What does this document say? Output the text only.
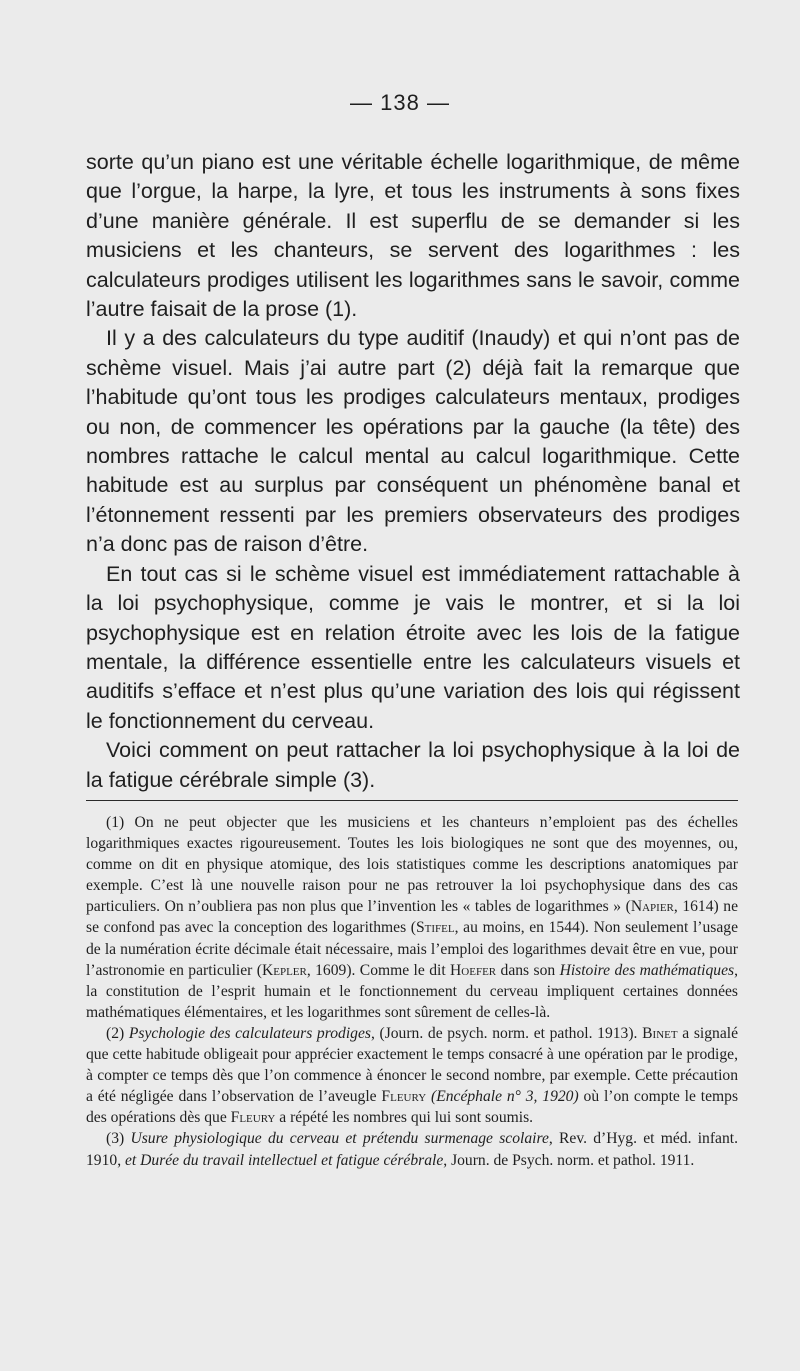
— 138 —

sorte qu’un piano est une véritable échelle logarithmique, de même que l’orgue, la harpe, la lyre, et tous les instruments à sons fixes d’une manière générale. Il est superflu de se demander si les musiciens et les chanteurs, se servent des logarithmes : les calculateurs prodiges utilisent les logarithmes sans le savoir, comme l’autre faisait de la prose (1).

Il y a des calculateurs du type auditif (Inaudy) et qui n’ont pas de schème visuel. Mais j’ai autre part (2) déjà fait la remarque que l’habitude qu’ont tous les prodiges calculateurs mentaux, prodiges ou non, de commencer les opérations par la gauche (la tête) des nombres rattache le calcul mental au calcul logarithmique. Cette habitude est au surplus par conséquent un phénomène banal et l’étonnement ressenti par les premiers observateurs des prodiges n’a donc pas de raison d’être.

En tout cas si le schème visuel est immédiatement rattachable à la loi psychophysique, comme je vais le montrer, et si la loi psychophysique est en relation étroite avec les lois de la fatigue mentale, la différence essentielle entre les calculateurs visuels et auditifs s’efface et n’est plus qu’une variation des lois qui régissent le fonctionnement du cerveau.

Voici comment on peut rattacher la loi psychophysique à la loi de la fatigue cérébrale simple (3).

(1) On ne peut objecter que les musiciens et les chanteurs n’emploient pas des échelles logarithmiques exactes rigoureusement. Toutes les lois biologiques ne sont que des moyennes, ou, comme on dit en physique atomique, des lois statistiques comme les descriptions anatomiques par exemple. C’est là une nouvelle raison pour ne pas retrouver la loi psychophysique dans des cas particuliers. On n’oubliera pas non plus que l’invention les « tables de logarithmes » (Napier, 1614) ne se confond pas avec la conception des logarithmes (Stifel, au moins, en 1544). Non seulement l’usage de la numération écrite décimale était nécessaire, mais l’emploi des logarithmes devait être en vue, pour l’astronomie en particulier (Kepler, 1609). Comme le dit Hoefer dans son Histoire des mathématiques, la constitution de l’esprit humain et le fonctionnement du cerveau impliquent certaines données mathématiques élémentaires, et les logarithmes sont sûrement de celles-là.

(2) Psychologie des calculateurs prodiges, (Journ. de psych. norm. et pathol. 1913). Binet a signalé que cette habitude obligeait pour apprécier exactement le temps consacré à une opération par le prodige, à compter ce temps dès que l’on commence à énoncer le second nombre, par exemple. Cette précaution a été négligée dans l’observation de l’aveugle Fleury (Encéphale n° 3, 1920) où l’on compte le temps des opérations dès que Fleury a répété les nombres qui lui sont soumis.

(3) Usure physiologique du cerveau et prétendu surmenage scolaire, Rev. d’Hyg. et méd. infant. 1910, et Durée du travail intellectuel et fatigue cérébrale, Journ. de Psych. norm. et pathol. 1911.
